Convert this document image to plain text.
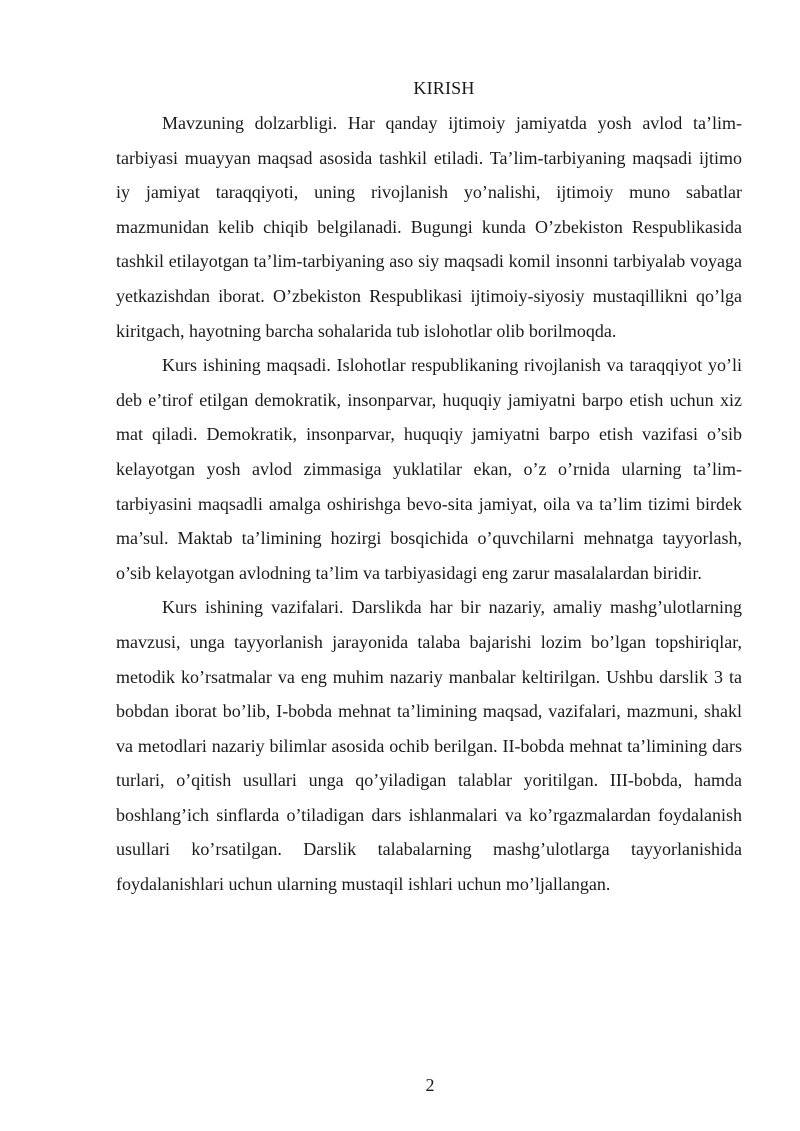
KIRISH

Mavzuning dolzarbligi. Har qanday ijtimoiy jamiyatda yosh avlod ta’lim-tarbiyasi muayyan maqsad asosida tashkil etiladi. Ta’lim-tarbiyaning maqsadi ijtimo iy jamiyat taraqqiyoti, uning rivojlanish yo’nalishi, ijtimoiy muno sabatlar mazmunidan kelib chiqib belgilanadi. Bugungi kunda O’zbekiston Respublikasida tashkil etilayotgan ta’lim-tarbiyaning aso siy maqsadi komil insonni tarbiyalab voyaga yetkazishdan iborat. O’zbekiston Respublikasi ijtimoiy-siyosiy mustaqillikni qo’lga kiritgach, hayotning barcha sohalarida tub islohotlar olib borilmoqda.

Kurs ishining maqsadi. Islohotlar respublikaning rivojlanish va taraqqiyot yo’li deb e’tirof etilgan demokratik, insonparvar, huquqiy jamiyatni barpo etish uchun xiz mat qiladi. Demokratik, insonparvar, huquqiy jamiyatni barpo etish vazifasi o’sib kelayotgan yosh avlod zimmasiga yuklatilar ekan, o’z o’rnida ularning ta’lim-tarbiyasini maqsadli amalga oshirishga bevo-sita jamiyat, oila va ta’lim tizimi birdek ma’sul. Maktab ta’limining hozirgi bosqichida o’quvchilarni mehnatga tayyorlash, o’sib kelayotgan avlodning ta’lim va tarbiyasidagi eng zarur masalalardan biridir.

Kurs ishining vazifalari. Darslikda har bir nazariy, amaliy mashg’ulotlarning mavzusi, unga tayyorlanish jarayonida talaba bajarishi lozim bo’lgan topshiriqlar, metodik ko’rsatmalar va eng muhim nazariy manbalar keltirilgan. Ushbu darslik 3 ta bobdan iborat bo’lib, I-bobda mehnat ta’limining maqsad, vazifalari, mazmuni, shakl va metodlari nazariy bilimlar asosida ochib berilgan. II-bobda mehnat ta’limining dars turlari, o’qitish usullari unga qo’yiladigan talablar yoritilgan. III-bobda, hamda boshlang’ich sinflarda o’tiladigan dars ishlanmalari va ko’rgazmalardan foydalanish usullari ko’rsatilgan. Darslik talabalarning mashg’ulotlarga tayyorlanishida foydalanishlari uchun ularning mustaqil ishlari uchun mo’ljallangan.

2
